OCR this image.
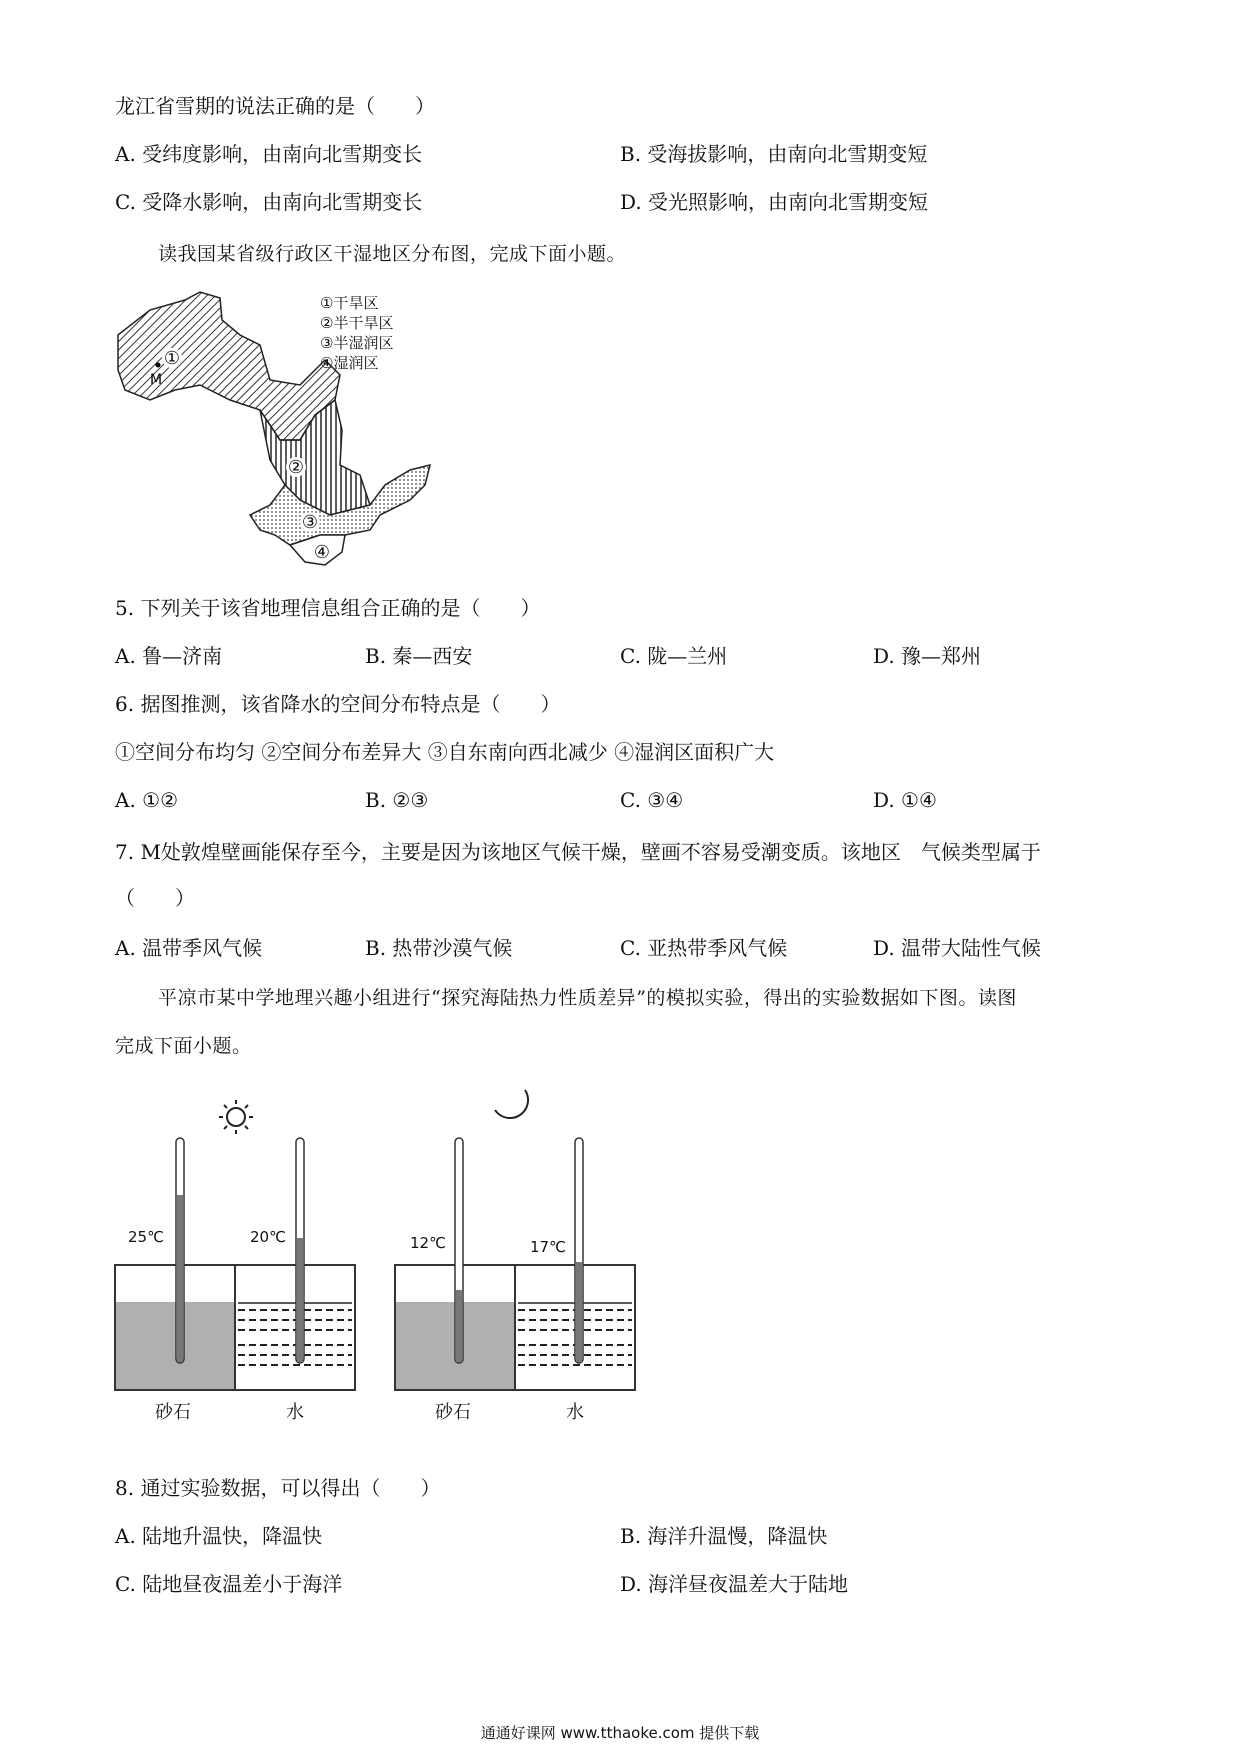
龙江省雪期的说法正确的是（　　）
A. 受纬度影响，由南向北雪期变长	B. 受海拔影响，由南向北雪期变短
C. 受降水影响，由南向北雪期变长	D. 受光照影响，由南向北雪期变短
读我国某省级行政区干湿地区分布图，完成下面小题。
①
②
③
④
M
①干旱区
②半干旱区
③半湿润区
④湿润区
5. 下列关于该省地理信息组合正确的是（　　）
A. 鲁—济南	B. 秦—西安	C. 陇—兰州	D. 豫—郑州
6. 据图推测，该省降水的空间分布特点是（　　）
①空间分布均匀 ②空间分布差异大 ③自东南向西北减少 ④湿润区面积广大
A. ①②	B. ②③	C. ③④	D. ①④
7. M处敦煌壁画能保存至今，主要是因为该地区气候干燥，壁画不容易受潮变质。该地区　气候类型属于
（　　）
A. 温带季风气候	B. 热带沙漠气候	C. 亚热带季风气候	D. 温带大陆性气候
平凉市某中学地理兴趣小组进行“探究海陆热力性质差异”的模拟实验，得出的实验数据如下图。读图
完成下面小题。
25℃	20℃
砂石	水
12℃	17℃
砂石	水
8. 通过实验数据，可以得出（　　）
A. 陆地升温快，降温快	B. 海洋升温慢，降温快
C. 陆地昼夜温差小于海洋	D. 海洋昼夜温差大于陆地
通通好课网 www.tthaoke.com 提供下载
